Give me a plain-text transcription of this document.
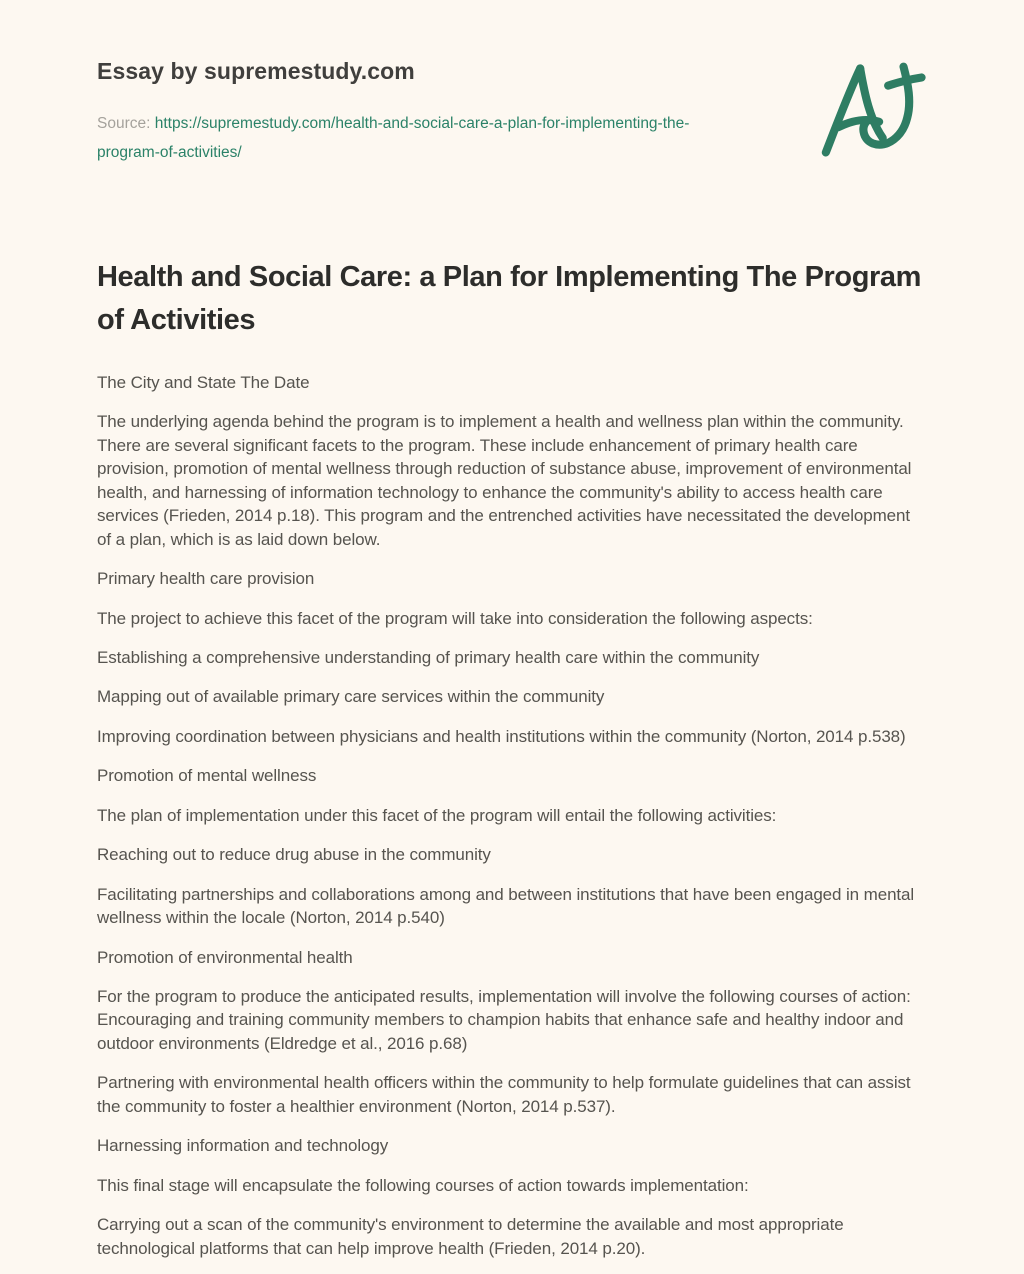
Essay by supremestudy.com

Source: https://supremestudy.com/health-and-social-care-a-plan-for-implementing-the-program-of-activities/

Health and Social Care: a Plan for Implementing The Program of Activities

The City and State The Date

The underlying agenda behind the program is to implement a health and wellness plan within the community. There are several significant facets to the program. These include enhancement of primary health care provision, promotion of mental wellness through reduction of substance abuse, improvement of environmental health, and harnessing of information technology to enhance the community's ability to access health care services (Frieden, 2014 p.18). This program and the entrenched activities have necessitated the development of a plan, which is as laid down below.

Primary health care provision

The project to achieve this facet of the program will take into consideration the following aspects:

Establishing a comprehensive understanding of primary health care within the community

Mapping out of available primary care services within the community

Improving coordination between physicians and health institutions within the community (Norton, 2014 p.538)

Promotion of mental wellness

The plan of implementation under this facet of the program will entail the following activities:

Reaching out to reduce drug abuse in the community

Facilitating partnerships and collaborations among and between institutions that have been engaged in mental wellness within the locale (Norton, 2014 p.540)

Promotion of environmental health

For the program to produce the anticipated results, implementation will involve the following courses of action: Encouraging and training community members to champion habits that enhance safe and healthy indoor and outdoor environments (Eldredge et al., 2016 p.68)

Partnering with environmental health officers within the community to help formulate guidelines that can assist the community to foster a healthier environment (Norton, 2014 p.537).

Harnessing information and technology

This final stage will encapsulate the following courses of action towards implementation:

Carrying out a scan of the community's environment to determine the available and most appropriate technological platforms that can help improve health (Frieden, 2014 p.20).
